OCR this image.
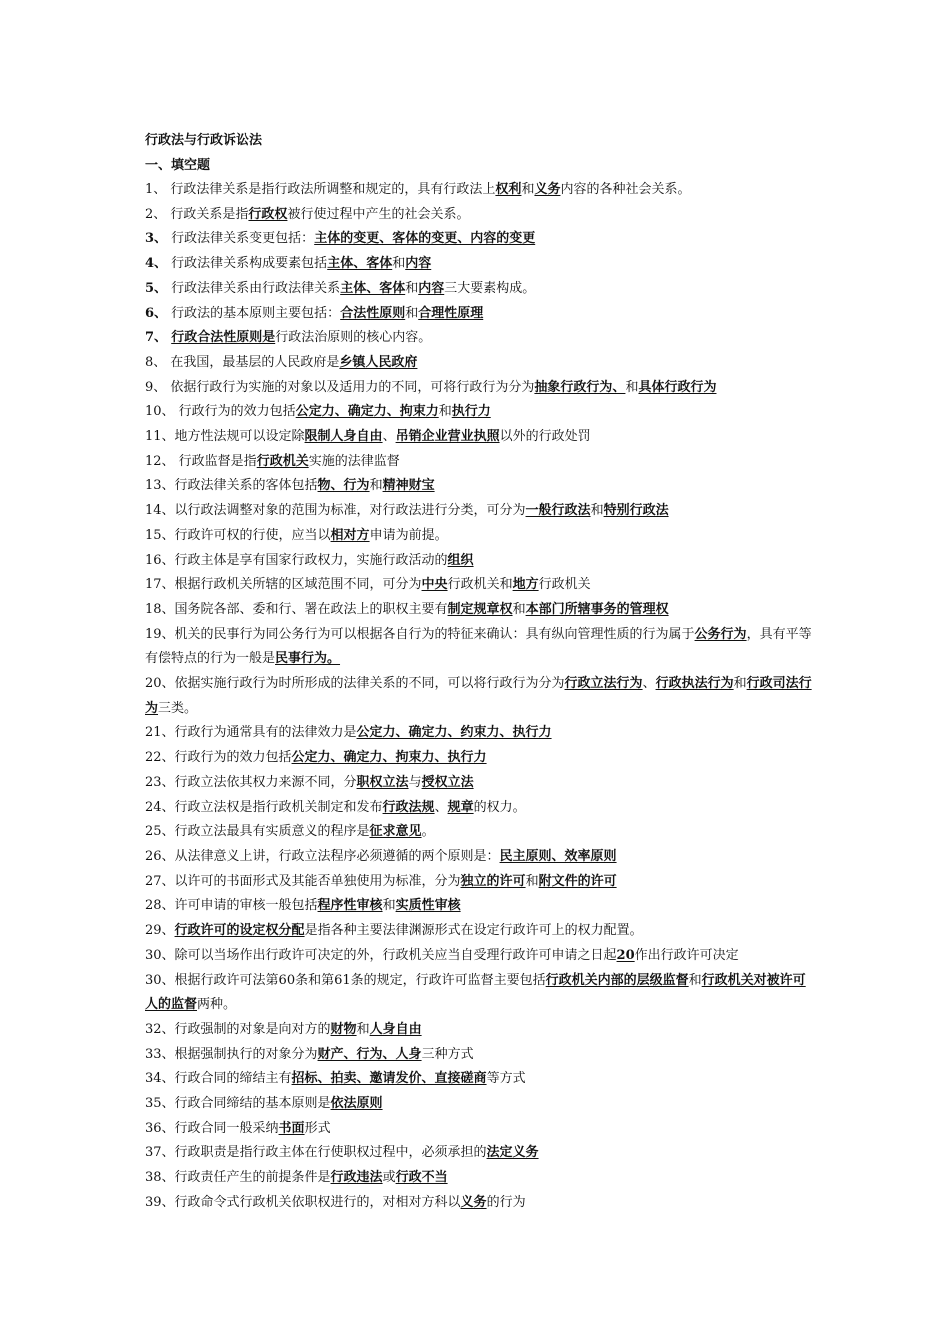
行政法与行政诉讼法
一、填空题
1、 行政法律关系是指行政法所调整和规定的，具有行政法上权利和义务内容的各种社会关系。
2、 行政关系是指行政权被行使过程中产生的社会关系。
3、 行政法律关系变更包括：主体的变更、客体的变更、内容的变更
4、 行政法律关系构成要素包括主体、客体和内容
5、 行政法律关系由行政法律关系主体、客体和内容三大要素构成。
6、 行政法的基本原则主要包括：合法性原则和合理性原理
7、 行政合法性原则是行政法治原则的核心内容。
8、 在我国，最基层的人民政府是乡镇人民政府
9、 依据行政行为实施的对象以及适用力的不同，可将行政行为分为抽象行政行为、和具体行政行为
10、 行政行为的效力包括公定力、确定力、拘束力和执行力
11、地方性法规可以设定除限制人身自由、吊销企业营业执照以外的行政处罚
12、 行政监督是指行政机关实施的法律监督
13、行政法律关系的客体包括物、行为和精神财宝
14、以行政法调整对象的范围为标准，对行政法进行分类，可分为一般行政法和特别行政法
15、行政许可权的行使，应当以相对方申请为前提。
16、行政主体是享有国家行政权力，实施行政活动的组织
17、根据行政机关所辖的区域范围不同，可分为中央行政机关和地方行政机关
18、国务院各部、委和行、署在政法上的职权主要有制定规章权和本部门所辖事务的管理权
19、机关的民事行为同公务行为可以根据各自行为的特征来确认：具有纵向管理性质的行为属于公务行为，具有平等有偿特点的行为一般是民事行为。
20、依据实施行政行为时所形成的法律关系的不同，可以将行政行为分为行政立法行为、行政执法行为和行政司法行为三类。
21、行政行为通常具有的法律效力是公定力、确定力、约束力、执行力
22、行政行为的效力包括公定力、确定力、拘束力、执行力
23、行政立法依其权力来源不同，分职权立法与授权立法
24、行政立法权是指行政机关制定和发布行政法规、规章的权力。
25、行政立法最具有实质意义的程序是征求意见。
26、从法律意义上讲，行政立法程序必须遵循的两个原则是：民主原则、效率原则
27、以许可的书面形式及其能否单独使用为标准，分为独立的许可和附文件的许可
28、许可申请的审核一般包括程序性审核和实质性审核
29、行政许可的设定权分配是指各种主要法律渊源形式在设定行政许可上的权力配置。
30、除可以当场作出行政许可决定的外，行政机关应当自受理行政许可申请之日起20作出行政许可决定
30、根据行政许可法第60条和第61条的规定，行政许可监督主要包括行政机关内部的层级监督和行政机关对被许可人的监督两种。
32、行政强制的对象是向对方的财物和人身自由
33、根据强制执行的对象分为财产、行为、人身三种方式
34、行政合同的缔结主有招标、拍卖、邀请发价、直接磋商等方式
35、行政合同缔结的基本原则是依法原则
36、行政合同一般采纳书面形式
37、行政职责是指行政主体在行使职权过程中，必须承担的法定义务
38、行政责任产生的前提条件是行政违法或行政不当
39、行政命令式行政机关依职权进行的，对相对方科以义务的行为
